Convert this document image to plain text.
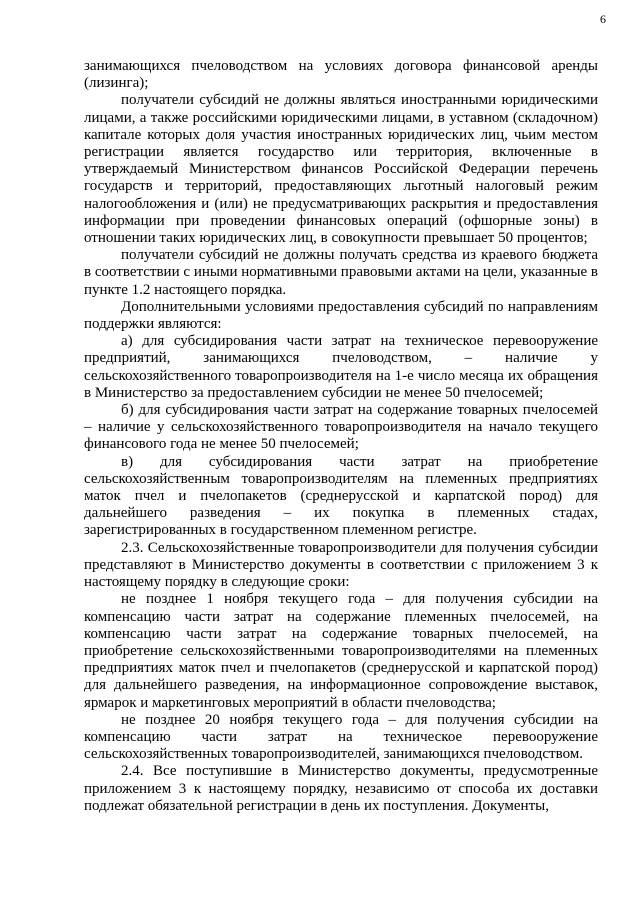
6

занимающихся пчеловодством на условиях договора финансовой аренды (лизинга);

получатели субсидий не должны являться иностранными юридическими лицами, а также российскими юридическими лицами, в уставном (складочном) капитале которых доля участия иностранных юридических лиц, чьим местом регистрации является государство или территория, включенные в утверждаемый Министерством финансов Российской Федерации перечень государств и территорий, предоставляющих льготный налоговый режим налогообложения и (или) не предусматривающих раскрытия и предоставления информации при проведении финансовых операций (офшорные зоны) в отношении таких юридических лиц, в совокупности превышает 50 процентов;

получатели субсидий не должны получать средства из краевого бюджета в соответствии с иными нормативными правовыми актами на цели, указанные в пункте 1.2 настоящего порядка.

Дополнительными условиями предоставления субсидий по направлениям поддержки являются:

а) для субсидирования части затрат на техническое перевооружение предприятий, занимающихся пчеловодством, – наличие у сельскохозяйственного товаропроизводителя на 1-е число месяца их обращения в Министерство за предоставлением субсидии не менее 50 пчелосемей;

б) для субсидирования части затрат на содержание товарных пчелосемей – наличие у сельскохозяйственного товаропроизводителя на начало текущего финансового года не менее 50 пчелосемей;

в) для субсидирования части затрат на приобретение сельскохозяйственным товаропроизводителям на племенных предприятиях маток пчел и пчелопакетов (среднерусской и карпатской пород) для дальнейшего разведения – их покупка в племенных стадах, зарегистрированных в государственном племенном регистре.

2.3. Сельскохозяйственные товаропроизводители для получения субсидии представляют в Министерство документы в соответствии с приложением 3 к настоящему порядку в следующие сроки:

не позднее 1 ноября текущего года – для получения субсидии на компенсацию части затрат на содержание племенных пчелосемей, на компенсацию части затрат на содержание товарных пчелосемей, на приобретение сельскохозяйственными товаропроизводителями на племенных предприятиях маток пчел и пчелопакетов (среднерусской и карпатской пород) для дальнейшего разведения, на информационное сопровождение выставок, ярмарок и маркетинговых мероприятий в области пчеловодства;

не позднее 20 ноября текущего года – для получения субсидии на компенсацию части затрат на техническое перевооружение сельскохозяйственных товаропроизводителей, занимающихся пчеловодством.

2.4. Все поступившие в Министерство документы, предусмотренные приложением 3 к настоящему порядку, независимо от способа их доставки подлежат обязательной регистрации в день их поступления. Документы,
